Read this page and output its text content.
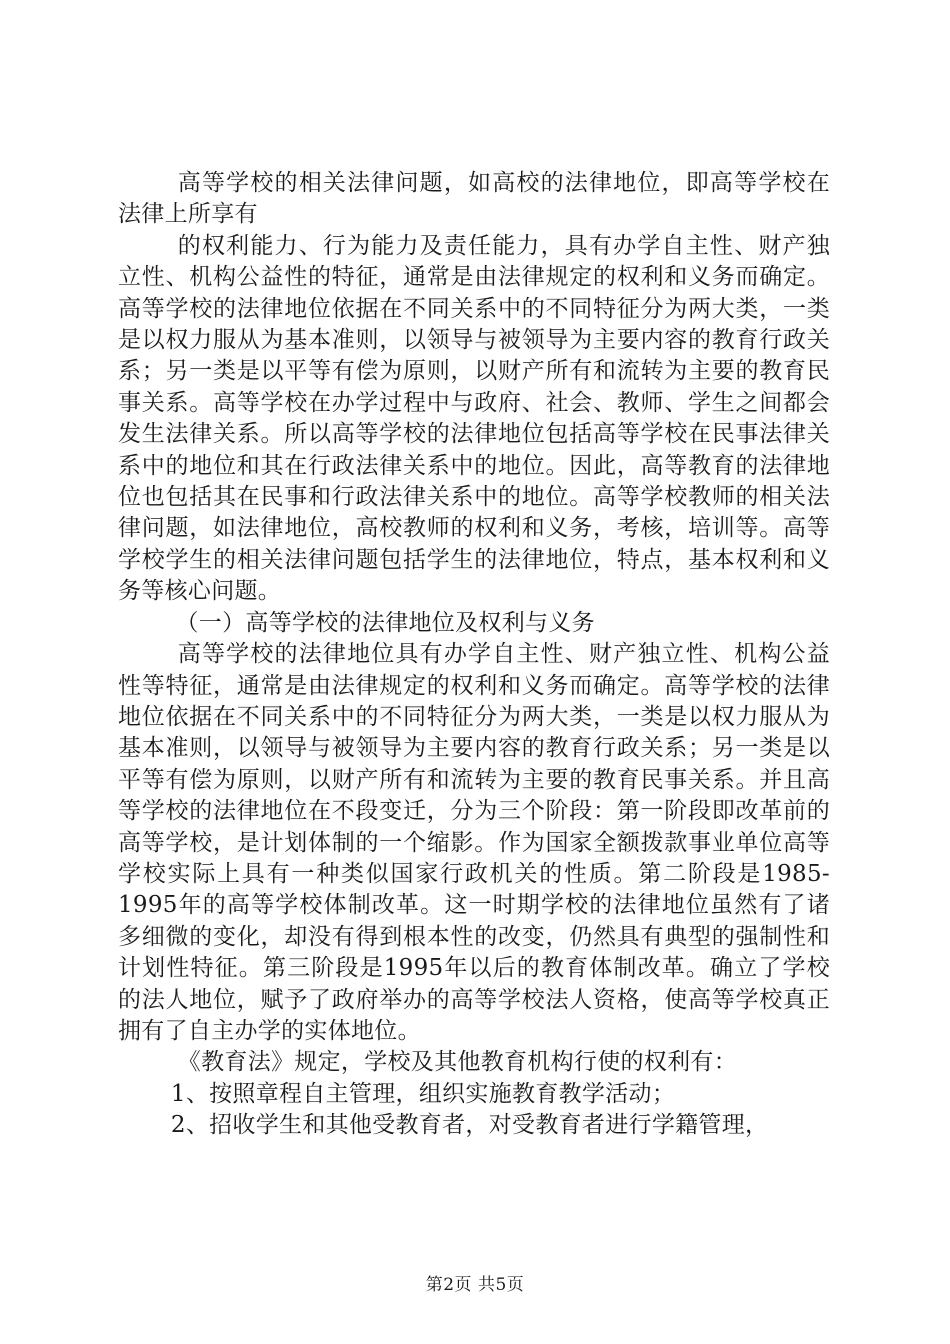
高等学校的相关法律问题，如高校的法律地位，即高等学校在法律上所享有

的权利能力、行为能力及责任能力，具有办学自主性、财产独立性、机构公益性的特征，通常是由法律规定的权利和义务而确定。高等学校的法律地位依据在不同关系中的不同特征分为两大类，一类是以权力服从为基本准则，以领导与被领导为主要内容的教育行政关系；另一类是以平等有偿为原则，以财产所有和流转为主要的教育民事关系。高等学校在办学过程中与政府、社会、教师、学生之间都会发生法律关系。所以高等学校的法律地位包括高等学校在民事法律关系中的地位和其在行政法律关系中的地位。因此，高等教育的法律地位也包括其在民事和行政法律关系中的地位。高等学校教师的相关法律问题，如法律地位，高校教师的权利和义务，考核，培训等。高等学校学生的相关法律问题包括学生的法律地位，特点，基本权利和义务等核心问题。

（一）高等学校的法律地位及权利与义务

高等学校的法律地位具有办学自主性、财产独立性、机构公益性等特征，通常是由法律规定的权利和义务而确定。高等学校的法律地位依据在不同关系中的不同特征分为两大类，一类是以权力服从为基本准则，以领导与被领导为主要内容的教育行政关系；另一类是以平等有偿为原则，以财产所有和流转为主要的教育民事关系。并且高等学校的法律地位在不段变迁，分为三个阶段：第一阶段即改革前的高等学校，是计划体制的一个缩影。作为国家全额拨款事业单位高等学校实际上具有一种类似国家行政机关的性质。第二阶段是1985-1995年的高等学校体制改革。这一时期学校的法律地位虽然有了诸多细微的变化，却没有得到根本性的改变，仍然具有典型的强制性和计划性特征。第三阶段是1995年以后的教育体制改革。确立了学校的法人地位，赋予了政府举办的高等学校法人资格，使高等学校真正拥有了自主办学的实体地位。

《教育法》规定，学校及其他教育机构行使的权利有：

1、按照章程自主管理，组织实施教育教学活动；

2、招收学生和其他受教育者，对受教育者进行学籍管理，

第2页 共5页
